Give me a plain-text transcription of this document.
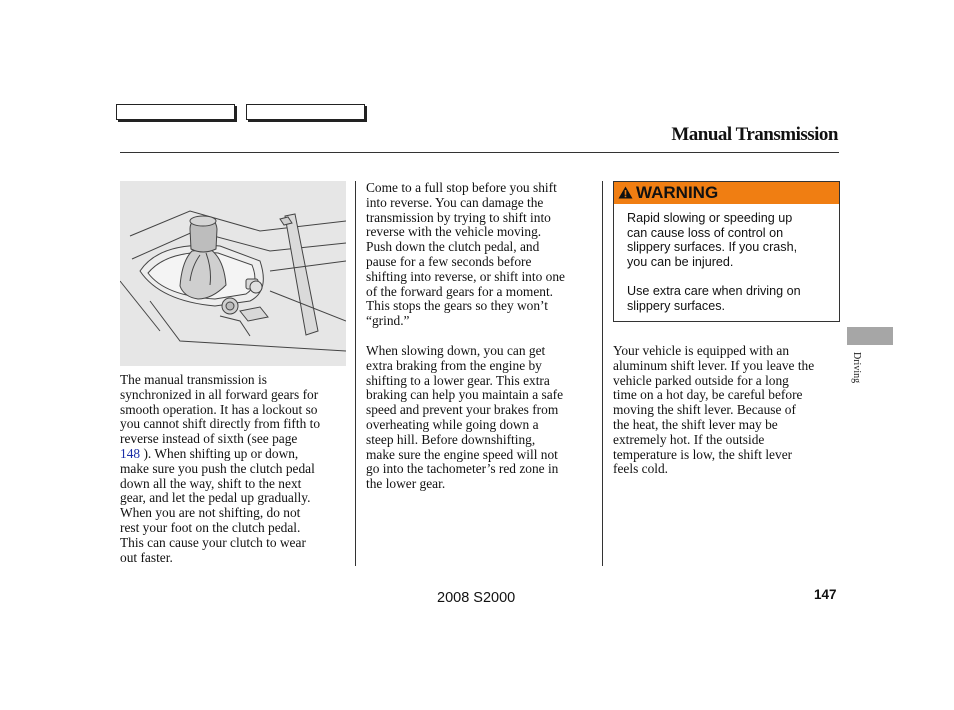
Manual Transmission
The manual transmission is
synchronized in all forward gears for
smooth operation. It has a lockout so
you cannot shift directly from fifth to
reverse instead of sixth (see page
148 ). When shifting up or down,
make sure you push the clutch pedal
down all the way, shift to the next
gear, and let the pedal up gradually.
When you are not shifting, do not
rest your foot on the clutch pedal.
This can cause your clutch to wear
out faster.
Come to a full stop before you shift
into reverse. You can damage the
transmission by trying to shift into
reverse with the vehicle moving.
Push down the clutch pedal, and
pause for a few seconds before
shifting into reverse, or shift into one
of the forward gears for a moment.
This stops the gears so they won’t
“grind.”
When slowing down, you can get
extra braking from the engine by
shifting to a lower gear. This extra
braking can help you maintain a safe
speed and prevent your brakes from
overheating while going down a
steep hill. Before downshifting,
make sure the engine speed will not
go into the tachometer’s red zone in
the lower gear.
WARNING
Rapid slowing or speeding up
can cause loss of control on
slippery surfaces. If you crash,
you can be injured.

Use extra care when driving on
slippery surfaces.
Your vehicle is equipped with an
aluminum shift lever. If you leave the
vehicle parked outside for a long
time on a hot day, be careful before
moving the shift lever. Because of
the heat, the shift lever may be
extremely hot. If the outside
temperature is low, the shift lever
feels cold.
Driving
2008 S2000	147
